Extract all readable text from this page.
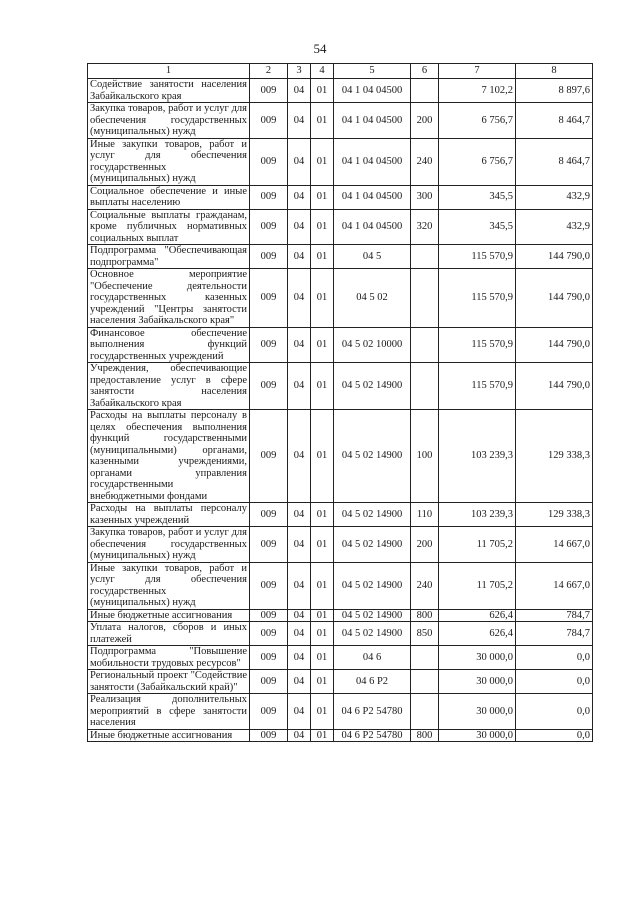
54
1	2	3	4	5	6	7	8
Содействие занятости населения Забайкальского края	009	04	01	04 1 04 04500		7 102,2	8 897,6
Закупка товаров, работ и услуг для обеспечения государственных (муниципальных) нужд	009	04	01	04 1 04 04500	200	6 756,7	8 464,7
Иные закупки товаров, работ и услуг для обеспечения государственных (муниципальных) нужд	009	04	01	04 1 04 04500	240	6 756,7	8 464,7
Социальное обеспечение и иные выплаты населению	009	04	01	04 1 04 04500	300	345,5	432,9
Социальные выплаты гражданам, кроме публичных нормативных социальных выплат	009	04	01	04 1 04 04500	320	345,5	432,9
Подпрограмма "Обеспечивающая подпрограмма"	009	04	01	04 5		115 570,9	144 790,0
Основное мероприятие "Обеспечение деятельности государственных казенных учреждений "Центры занятости населения Забайкальского края"	009	04	01	04 5 02		115 570,9	144 790,0
Финансовое обеспечение выполнения функций государственных учреждений	009	04	01	04 5 02 10000		115 570,9	144 790,0
Учреждения, обеспечивающие предоставление услуг в сфере занятости населения Забайкальского края	009	04	01	04 5 02 14900		115 570,9	144 790,0
Расходы на выплаты персоналу в целях обеспечения выполнения функций государственными (муниципальными) органами, казенными учреждениями, органами управления государственными внебюджетными фондами	009	04	01	04 5 02 14900	100	103 239,3	129 338,3
Расходы на выплаты персоналу казенных учреждений	009	04	01	04 5 02 14900	110	103 239,3	129 338,3
Закупка товаров, работ и услуг для обеспечения государственных (муниципальных) нужд	009	04	01	04 5 02 14900	200	11 705,2	14 667,0
Иные закупки товаров, работ и услуг для обеспечения государственных (муниципальных) нужд	009	04	01	04 5 02 14900	240	11 705,2	14 667,0
Иные бюджетные ассигнования	009	04	01	04 5 02 14900	800	626,4	784,7
Уплата налогов, сборов и иных платежей	009	04	01	04 5 02 14900	850	626,4	784,7
Подпрограмма "Повышение мобильности трудовых ресурсов"	009	04	01	04 6		30 000,0	0,0
Региональный проект "Содействие занятости (Забайкальский край)"	009	04	01	04 6 P2		30 000,0	0,0
Реализация дополнительных мероприятий в сфере занятости населения	009	04	01	04 6 P2 54780		30 000,0	0,0
Иные бюджетные ассигнования	009	04	01	04 6 P2 54780	800	30 000,0	0,0
